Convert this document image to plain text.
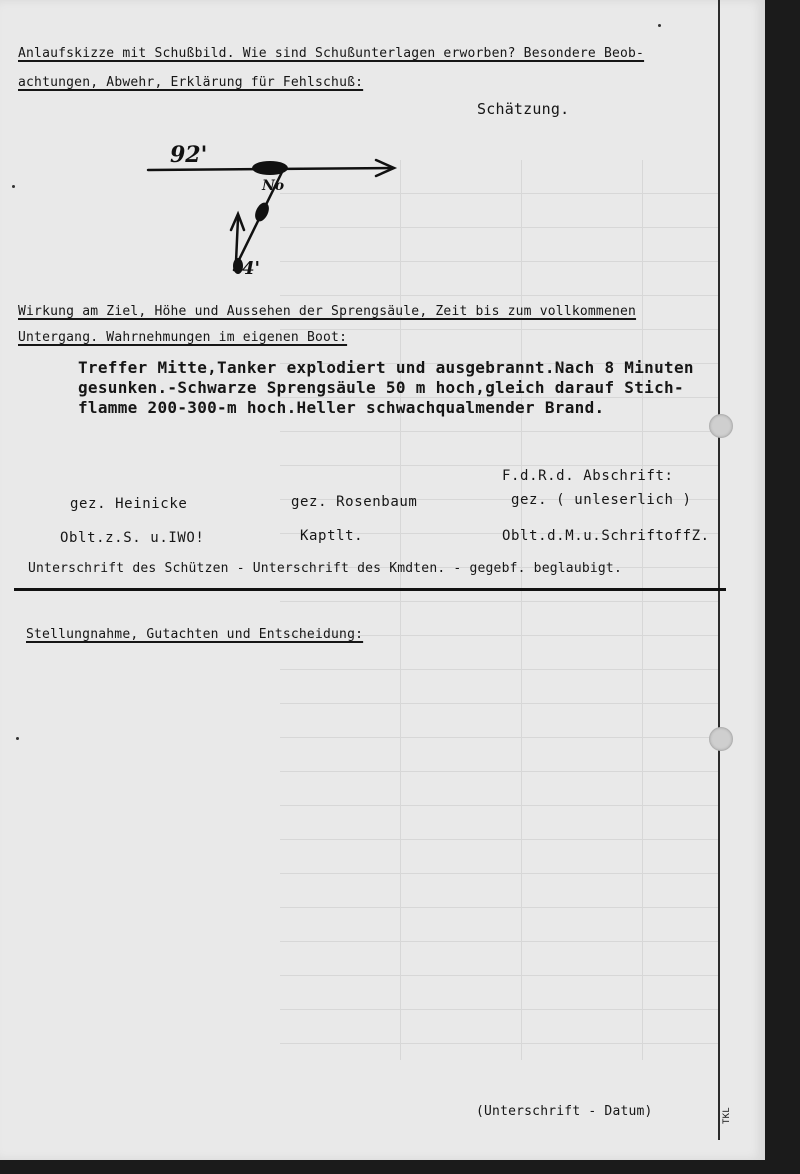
Anlaufskizze mit Schußbild. Wie sind Schußunterlagen erworben? Besondere Beob-
achtungen, Abwehr, Erklärung für Fehlschuß:
Schätzung.
92'
No
4'
Wirkung am Ziel, Höhe und Aussehen der Sprengsäule, Zeit bis zum vollkommenen
Untergang. Wahrnehmungen im eigenen Boot:
Treffer Mitte,Tanker explodiert und ausgebrannt.Nach 8 Minuten
gesunken.-Schwarze Sprengsäule 50 m hoch,gleich darauf Stich-
flamme 200-300-m hoch.Heller schwachqualmender Brand.
F.d.R.d. Abschrift:
gez. ( unleserlich )
Oblt.d.M.u.SchriftoffZ.
gez. Heinicke
Oblt.z.S. u.IWO!
gez. Rosenbaum
Kaptlt.
Unterschrift des Schützen - Unterschrift des Kmdten. - gegebf. beglaubigt.
Stellungnahme, Gutachten und Entscheidung:
(Unterschrift - Datum)	TKL
